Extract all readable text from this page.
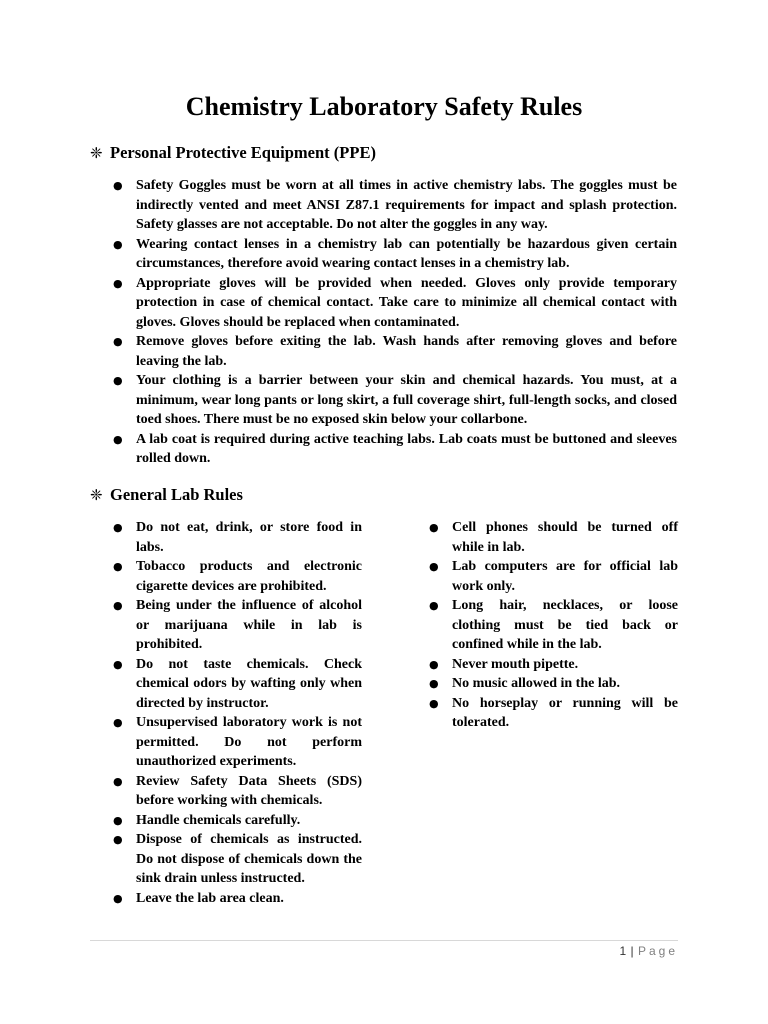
Chemistry Laboratory Safety Rules
❈ Personal Protective Equipment (PPE)
● Safety Goggles must be worn at all times in active chemistry labs. The goggles must be indirectly vented and meet ANSI Z87.1 requirements for impact and splash protection. Safety glasses are not acceptable. Do not alter the goggles in any way.
● Wearing contact lenses in a chemistry lab can potentially be hazardous given certain circumstances, therefore avoid wearing contact lenses in a chemistry lab.
● Appropriate gloves will be provided when needed. Gloves only provide temporary protection in case of chemical contact. Take care to minimize all chemical contact with gloves. Gloves should be replaced when contaminated.
● Remove gloves before exiting the lab. Wash hands after removing gloves and before leaving the lab.
● Your clothing is a barrier between your skin and chemical hazards. You must, at a minimum, wear long pants or long skirt, a full coverage shirt, full-length socks, and closed toed shoes. There must be no exposed skin below your collarbone.
● A lab coat is required during active teaching labs. Lab coats must be buttoned and sleeves rolled down.
❈ General Lab Rules
● Do not eat, drink, or store food in labs.
● Tobacco products and electronic cigarette devices are prohibited.
● Being under the influence of alcohol or marijuana while in lab is prohibited.
● Do not taste chemicals. Check chemical odors by wafting only when directed by instructor.
● Unsupervised laboratory work is not permitted. Do not perform unauthorized experiments.
● Review Safety Data Sheets (SDS) before working with chemicals.
● Handle chemicals carefully.
● Dispose of chemicals as instructed. Do not dispose of chemicals down the sink drain unless instructed.
● Leave the lab area clean.
● Cell phones should be turned off while in lab.
● Lab computers are for official lab work only.
● Long hair, necklaces, or loose clothing must be tied back or confined while in the lab.
● Never mouth pipette.
● No music allowed in the lab.
● No horseplay or running will be tolerated.
1 | Page
